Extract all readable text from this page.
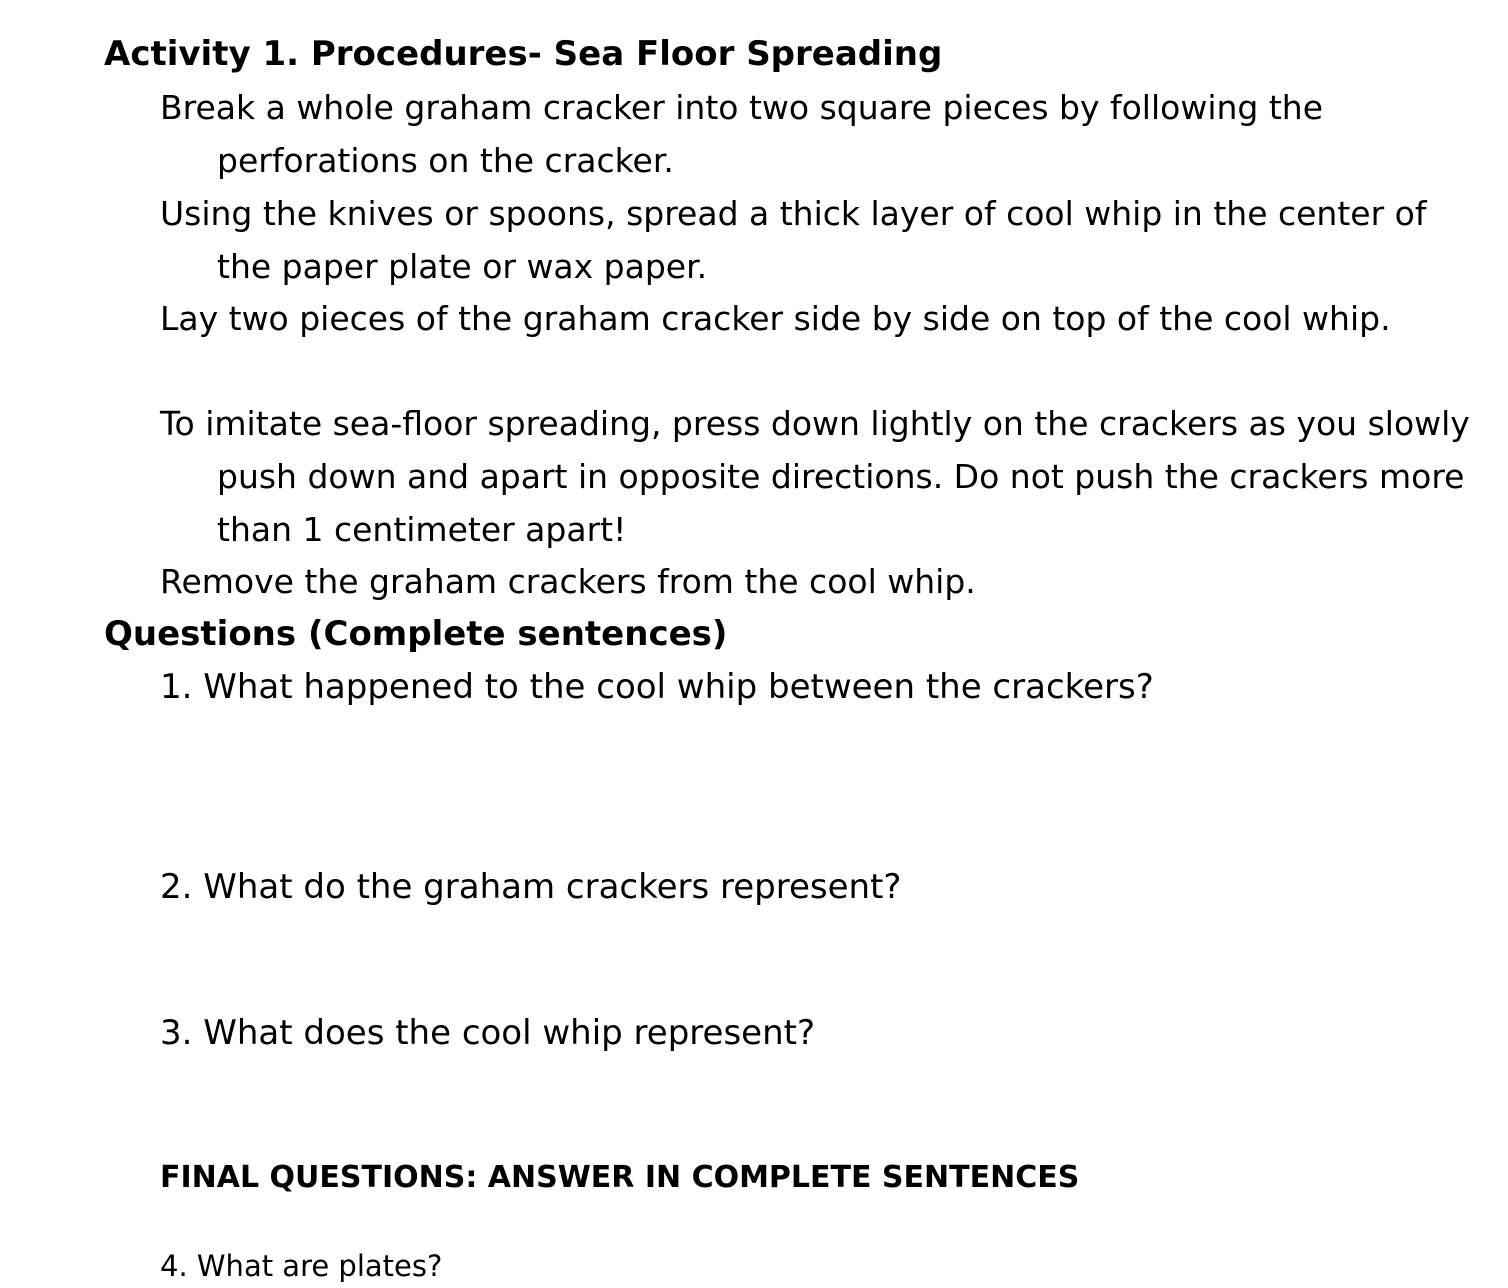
Activity 1. Procedures- Sea Floor Spreading
Break a whole graham cracker into two square pieces by following the perforations on the cracker.
Using the knives or spoons, spread a thick layer of cool whip in the center of the paper plate or wax paper.
Lay two pieces of the graham cracker side by side on top of the cool whip.
To imitate sea-floor spreading, press down lightly on the crackers as you slowly push down and apart in opposite directions. Do not push the crackers more than 1 centimeter apart!
Remove the graham crackers from the cool whip.
Questions (Complete sentences)
1. What happened to the cool whip between the crackers?
2. What do the graham crackers represent?
3. What does the cool whip represent?
FINAL QUESTIONS: ANSWER IN COMPLETE SENTENCES
4. What are plates?
